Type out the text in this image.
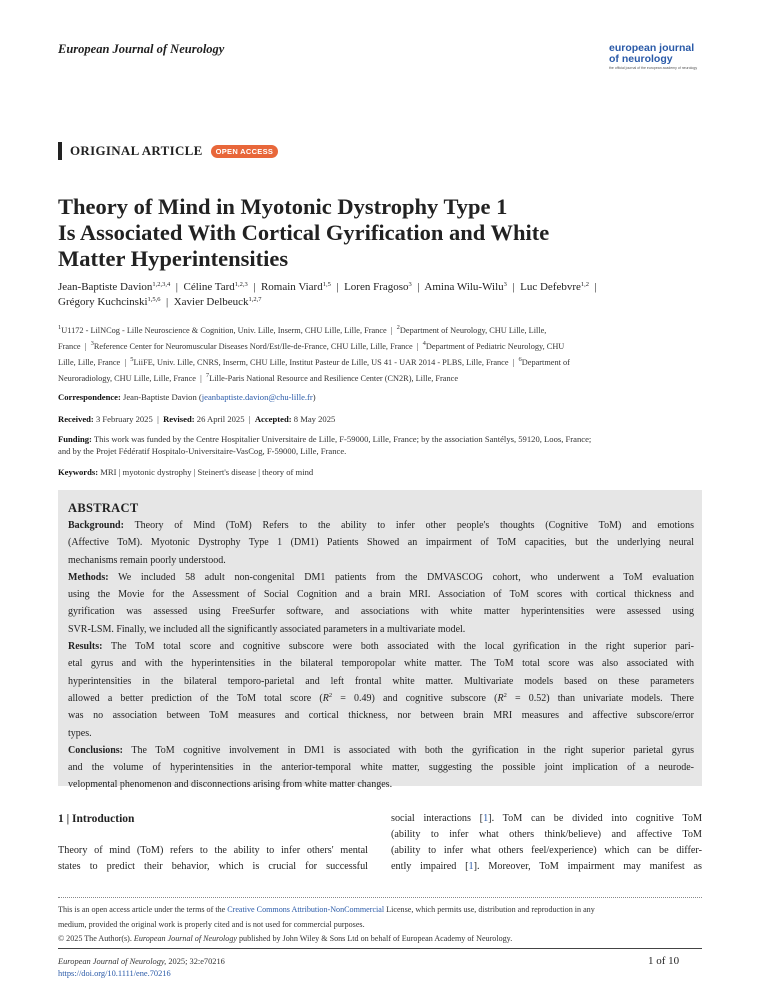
European Journal of Neurology	european journal
of neurology
the official journal of the european academy of neurology
ORIGINAL ARTICLE	OPEN ACCESS
Theory of Mind in Myotonic Dystrophy Type 1
Is Associated With Cortical Gyrification and White
Matter Hyperintensities
Jean-Baptiste Davion$^{1,2,3,4}$ | Céline Tard$^{1,2,3}$ | Romain Viard$^{1,5}$ | Loren Fragoso$^3$ | Amina Wilu-Wilu$^3$ | Luc Defebvre$^{1,2}$ |
Grégory Kuchcinski$^{1,5,6}$ | Xavier Delbeuck$^{1,2,7}$
$^1$U1172 - LilNCog - Lille Neuroscience & Cognition, Univ. Lille, Inserm, CHU Lille, Lille, France | $^2$Department of Neurology, CHU Lille, Lille,
France | $^3$Reference Center for Neuromuscular Diseases Nord/Est/Ile-de-France, CHU Lille, Lille, France | $^4$Department of Pediatric Neurology, CHU
Lille, Lille, France | $^5$LiiFE, Univ. Lille, CNRS, Inserm, CHU Lille, Institut Pasteur de Lille, US 41 - UAR 2014 - PLBS, Lille, France | $^6$Department of
Neuroradiology, CHU Lille, Lille, France | $^7$Lille-Paris National Resource and Resilience Center (CN2R), Lille, France
Correspondence: Jean-Baptiste Davion (jeanbaptiste.davion@chu-lille.fr)
Received: 3 February 2025 | Revised: 26 April 2025 | Accepted: 8 May 2025
Funding: This work was funded by the Centre Hospitalier Universitaire de Lille, F-59000, Lille, France; by the association Santélys, 59120, Loos, France;
and by the Projet Fédératif Hospitalo-Universitaire-VasCog, F-59000, Lille, France.
Keywords: MRI | myotonic dystrophy | Steinert's disease | theory of mind
ABSTRACT
Background: Theory of Mind (ToM) Refers to the ability to infer other people's thoughts (Cognitive ToM) and emotions
(Affective ToM). Myotonic Dystrophy Type 1 (DM1) Patients Showed an impairment of ToM capacities, but the underlying neural
mechanisms remain poorly understood.
Methods: We included 58 adult non-congenital DM1 patients from the DMVASCOG cohort, who underwent a ToM evaluation
using the Movie for the Assessment of Social Cognition and a brain MRI. Association of ToM scores with cortical thickness and
gyrification was assessed using FreeSurfer software, and associations with white matter hyperintensities were assessed using
SVR-LSM. Finally, we included all the significantly associated parameters in a multivariate model.
Results: The ToM total score and cognitive subscore were both associated with the local gyrification in the right superior pari-
etal gyrus and with the hyperintensities in the bilateral temporopolar white matter. The ToM total score was also associated with
hyperintensities in the bilateral temporo-parietal and left frontal white matter. Multivariate models based on these parameters
allowed a better prediction of the ToM total score $(R^2 = 0.49)$ and cognitive subscore $(R^2 = 0.52)$ than univariate models. There
was no association between ToM measures and cortical thickness, nor between brain MRI measures and affective subscore/error
types.
Conclusions: The ToM cognitive involvement in DM1 is associated with both the gyrification in the right superior parietal gyrus
and the volume of hyperintensities in the anterior-temporal white matter, suggesting the possible joint implication of a neurode-
velopmental phenomenon and disconnections arising from white matter changes.
1 | Introduction
Theory of mind (ToM) refers to the ability to infer others' mental
states to predict their behavior, which is crucial for successful
social interactions [1]. ToM can be divided into cognitive ToM
(ability to infer what others think/believe) and affective ToM
(ability to infer what others feel/experience) which can be differ-
ently impaired [1]. Moreover, ToM impairment may manifest as
This is an open access article under the terms of the Creative Commons Attribution-NonCommercial License, which permits use, distribution and reproduction in any
medium, provided the original work is properly cited and is not used for commercial purposes.
© 2025 The Author(s). European Journal of Neurology published by John Wiley & Sons Ltd on behalf of European Academy of Neurology.
European Journal of Neurology, 2025; 32:e70216
https://doi.org/10.1111/ene.70216
1 of 10
